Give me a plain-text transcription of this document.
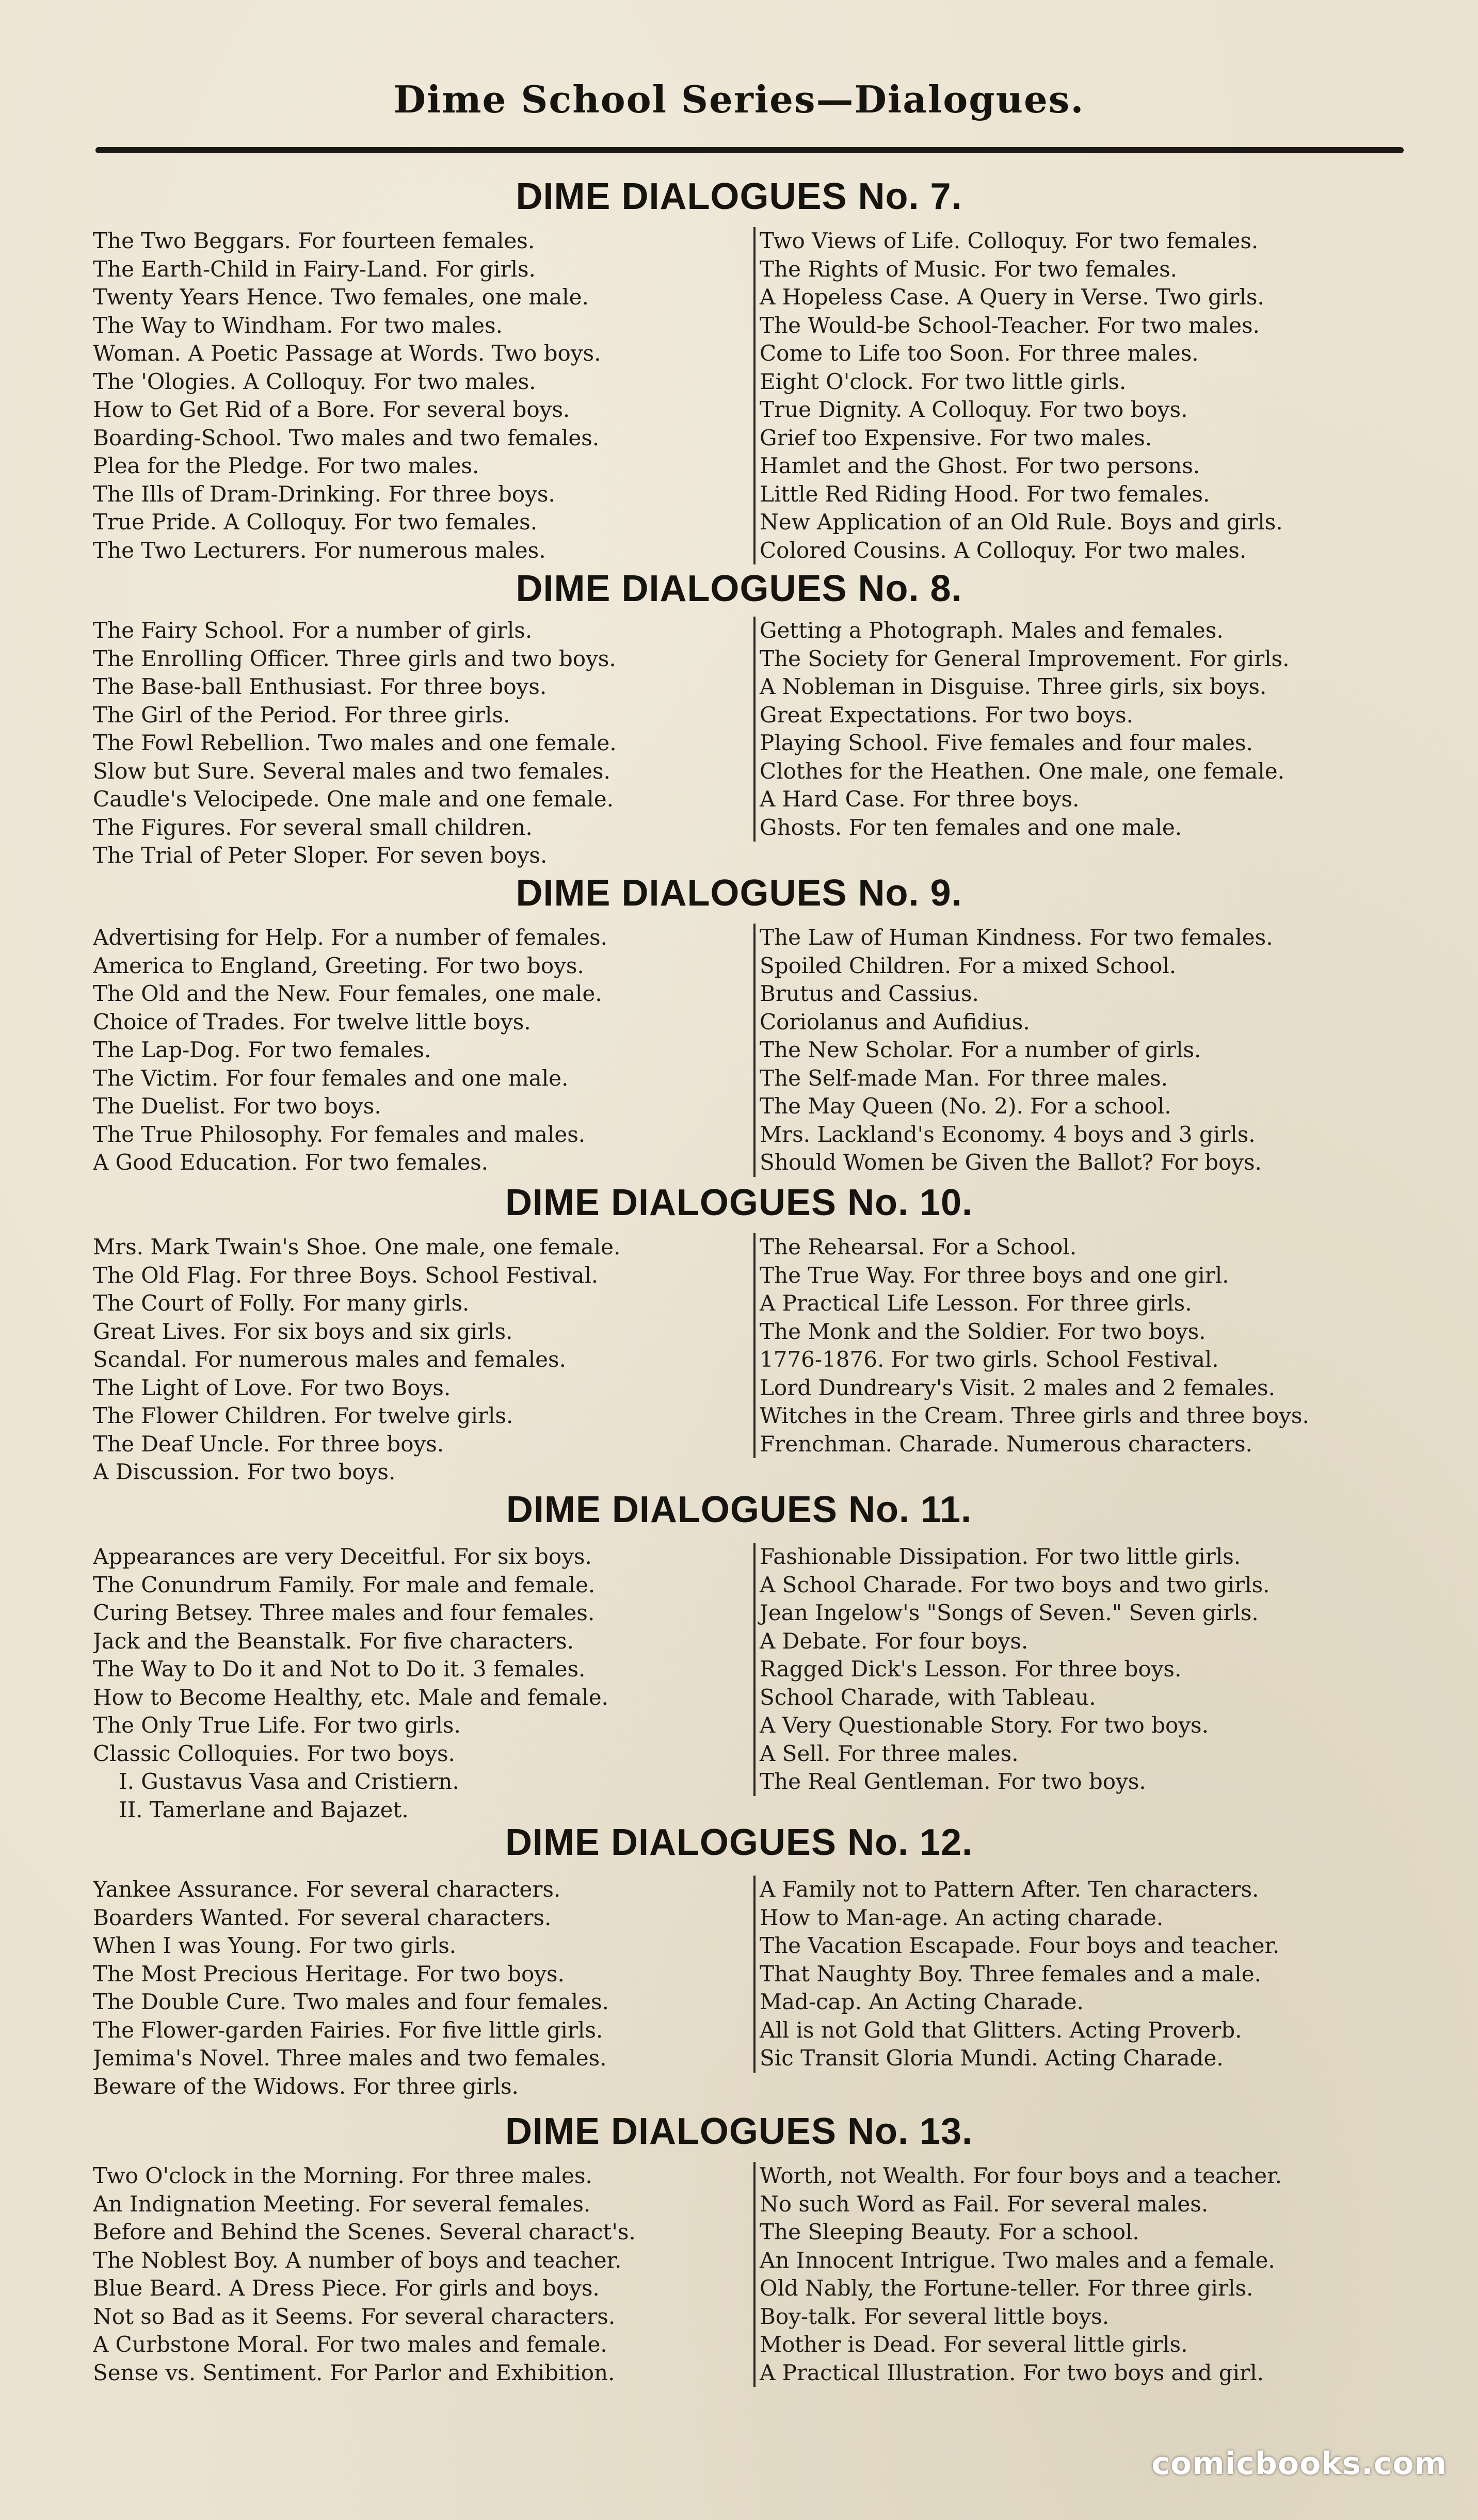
Dime School Series—Dialogues.
DIME DIALOGUES No. 7.
The Two Beggars. For fourteen females.
The Earth-Child in Fairy-Land. For girls.
Twenty Years Hence. Two females, one male.
The Way to Windham. For two males.
Woman. A Poetic Passage at Words. Two boys.
The 'Ologies. A Colloquy. For two males.
How to Get Rid of a Bore. For several boys.
Boarding-School. Two males and two females.
Plea for the Pledge. For two males.
The Ills of Dram-Drinking. For three boys.
True Pride. A Colloquy. For two females.
The Two Lecturers. For numerous males.
Two Views of Life. Colloquy. For two females.
The Rights of Music. For two females.
A Hopeless Case. A Query in Verse. Two girls.
The Would-be School-Teacher. For two males.
Come to Life too Soon. For three males.
Eight O'clock. For two little girls.
True Dignity. A Colloquy. For two boys.
Grief too Expensive. For two males.
Hamlet and the Ghost. For two persons.
Little Red Riding Hood. For two females.
New Application of an Old Rule. Boys and girls.
Colored Cousins. A Colloquy. For two males.
DIME DIALOGUES No. 8.
The Fairy School. For a number of girls.
The Enrolling Officer. Three girls and two boys.
The Base-ball Enthusiast. For three boys.
The Girl of the Period. For three girls.
The Fowl Rebellion. Two males and one female.
Slow but Sure. Several males and two females.
Caudle's Velocipede. One male and one female.
The Figures. For several small children.
The Trial of Peter Sloper. For seven boys.
Getting a Photograph. Males and females.
The Society for General Improvement. For girls.
A Nobleman in Disguise. Three girls, six boys.
Great Expectations. For two boys.
Playing School. Five females and four males.
Clothes for the Heathen. One male, one female.
A Hard Case. For three boys.
Ghosts. For ten females and one male.
DIME DIALOGUES No. 9.
Advertising for Help. For a number of females.
America to England, Greeting. For two boys.
The Old and the New. Four females, one male.
Choice of Trades. For twelve little boys.
The Lap-Dog. For two females.
The Victim. For four females and one male.
The Duelist. For two boys.
The True Philosophy. For females and males.
A Good Education. For two females.
The Law of Human Kindness. For two females.
Spoiled Children. For a mixed School.
Brutus and Cassius.
Coriolanus and Aufidius.
The New Scholar. For a number of girls.
The Self-made Man. For three males.
The May Queen (No. 2). For a school.
Mrs. Lackland's Economy. 4 boys and 3 girls.
Should Women be Given the Ballot? For boys.
DIME DIALOGUES No. 10.
Mrs. Mark Twain's Shoe. One male, one female.
The Old Flag. For three Boys. School Festival.
The Court of Folly. For many girls.
Great Lives. For six boys and six girls.
Scandal. For numerous males and females.
The Light of Love. For two Boys.
The Flower Children. For twelve girls.
The Deaf Uncle. For three boys.
A Discussion. For two boys.
The Rehearsal. For a School.
The True Way. For three boys and one girl.
A Practical Life Lesson. For three girls.
The Monk and the Soldier. For two boys.
1776-1876. For two girls. School Festival.
Lord Dundreary's Visit. 2 males and 2 females.
Witches in the Cream. Three girls and three boys.
Frenchman. Charade. Numerous characters.
DIME DIALOGUES No. 11.
Appearances are very Deceitful. For six boys.
The Conundrum Family. For male and female.
Curing Betsey. Three males and four females.
Jack and the Beanstalk. For five characters.
The Way to Do it and Not to Do it. 3 females.
How to Become Healthy, etc. Male and female.
The Only True Life. For two girls.
Classic Colloquies. For two boys.
I. Gustavus Vasa and Cristiern.
II. Tamerlane and Bajazet.
Fashionable Dissipation. For two little girls.
A School Charade. For two boys and two girls.
Jean Ingelow's "Songs of Seven." Seven girls.
A Debate. For four boys.
Ragged Dick's Lesson. For three boys.
School Charade, with Tableau.
A Very Questionable Story. For two boys.
A Sell. For three males.
The Real Gentleman. For two boys.
DIME DIALOGUES No. 12.
Yankee Assurance. For several characters.
Boarders Wanted. For several characters.
When I was Young. For two girls.
The Most Precious Heritage. For two boys.
The Double Cure. Two males and four females.
The Flower-garden Fairies. For five little girls.
Jemima's Novel. Three males and two females.
Beware of the Widows. For three girls.
A Family not to Pattern After. Ten characters.
How to Man-age. An acting charade.
The Vacation Escapade. Four boys and teacher.
That Naughty Boy. Three females and a male.
Mad-cap. An Acting Charade.
All is not Gold that Glitters. Acting Proverb.
Sic Transit Gloria Mundi. Acting Charade.
DIME DIALOGUES No. 13.
Two O'clock in the Morning. For three males.
An Indignation Meeting. For several females.
Before and Behind the Scenes. Several charact's.
The Noblest Boy. A number of boys and teacher.
Blue Beard. A Dress Piece. For girls and boys.
Not so Bad as it Seems. For several characters.
A Curbstone Moral. For two males and female.
Sense vs. Sentiment. For Parlor and Exhibition.
Worth, not Wealth. For four boys and a teacher.
No such Word as Fail. For several males.
The Sleeping Beauty. For a school.
An Innocent Intrigue. Two males and a female.
Old Nably, the Fortune-teller. For three girls.
Boy-talk. For several little boys.
Mother is Dead. For several little girls.
A Practical Illustration. For two boys and girl.
comicbooks.com
